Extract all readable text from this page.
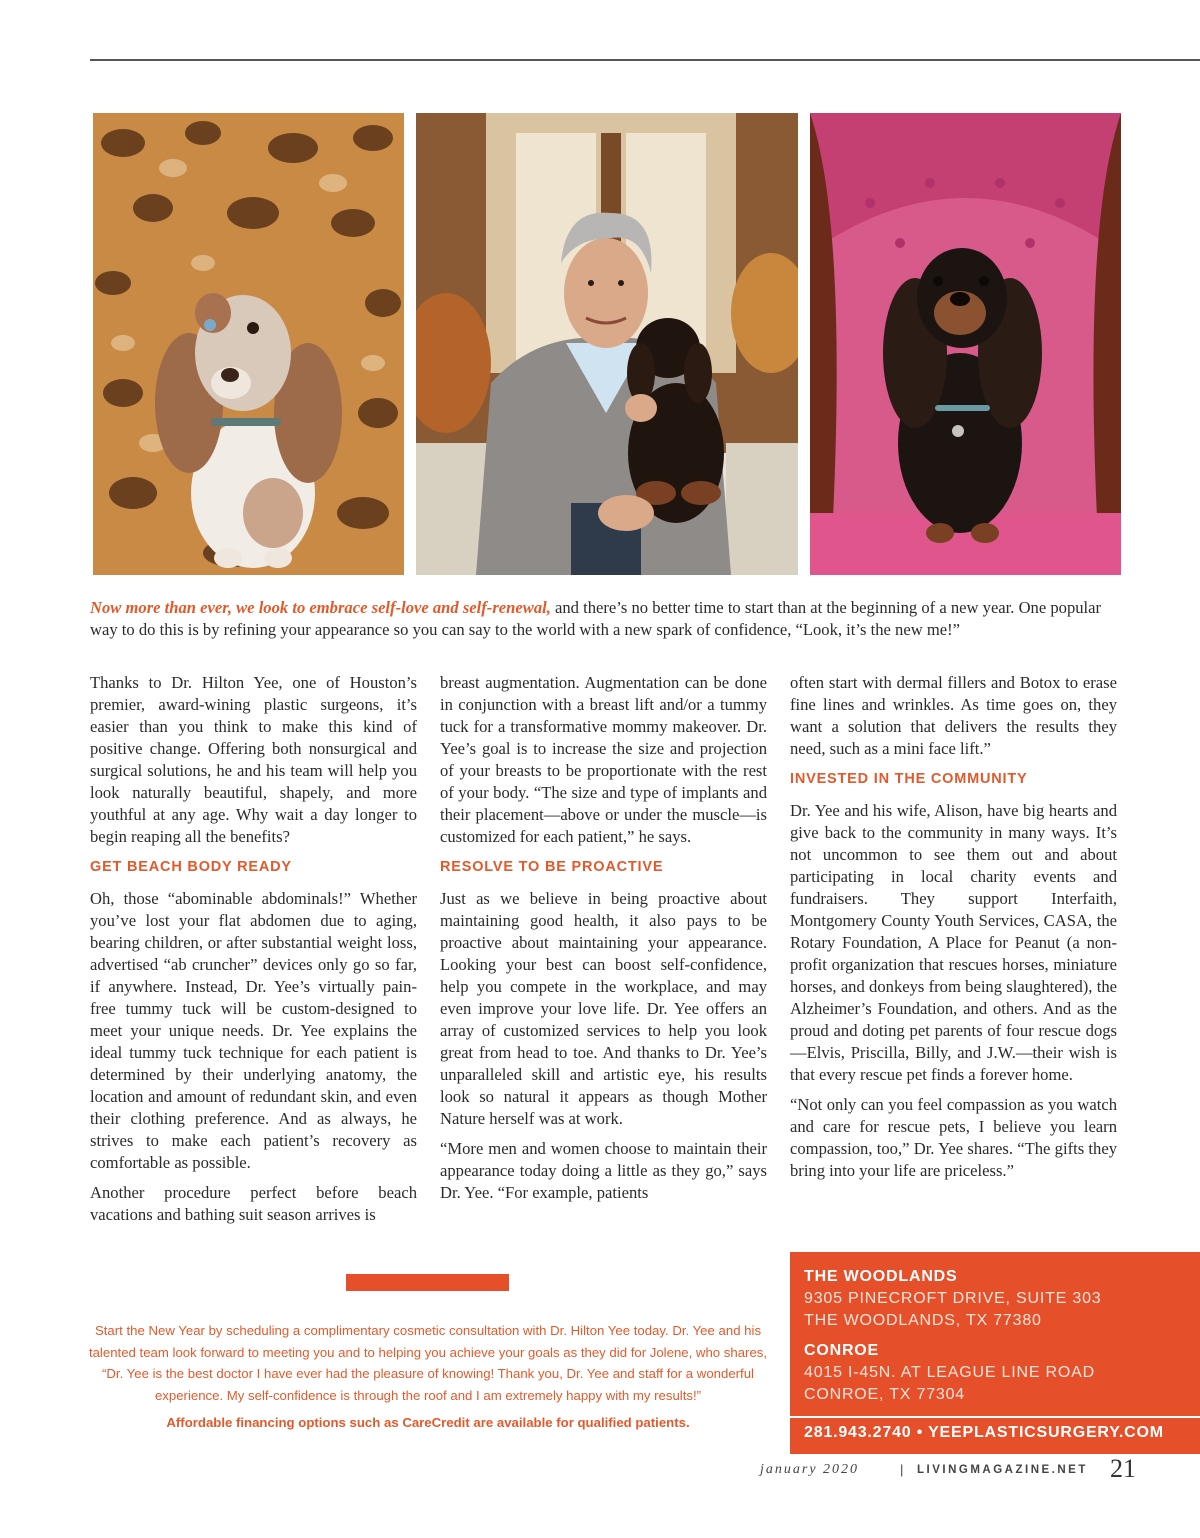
Now more than ever, we look to embrace self-love and self-renewal, and there’s no better time to start than at the beginning of a new year. One popular way to do this is by refining your appearance so you can say to the world with a new spark of confidence, “Look, it’s the new me!”

Thanks to Dr. Hilton Yee, one of Houston’s premier, award-wining plastic surgeons, it’s easier than you think to make this kind of positive change. Offering both nonsurgical and surgical solutions, he and his team will help you look naturally beautiful, shapely, and more youthful at any age. Why wait a day longer to begin reaping all the benefits?

GET BEACH BODY READY

Oh, those “abominable abdominals!” Whether you’ve lost your flat abdomen due to aging, bearing children, or after substantial weight loss, advertised “ab cruncher” devices only go so far, if anywhere. Instead, Dr. Yee’s virtually pain-free tummy tuck will be custom-designed to meet your unique needs. Dr. Yee explains the ideal tummy tuck technique for each patient is determined by their underlying anatomy, the location and amount of redundant skin, and even their clothing preference. And as always, he strives to make each patient’s recovery as comfortable as possible.

Another procedure perfect before beach vacations and bathing suit season arrives is

breast augmentation. Augmentation can be done in conjunction with a breast lift and/or a tummy tuck for a transformative mommy makeover. Dr. Yee’s goal is to increase the size and projection of your breasts to be proportionate with the rest of your body. “The size and type of implants and their placement—above or under the muscle—is customized for each patient,” he says.

RESOLVE TO BE PROACTIVE

Just as we believe in being proactive about maintaining good health, it also pays to be proactive about maintaining your appearance. Looking your best can boost self-confidence, help you compete in the workplace, and may even improve your love life. Dr. Yee offers an array of customized services to help you look great from head to toe. And thanks to Dr. Yee’s unparalleled skill and artistic eye, his results look so natural it appears as though Mother Nature herself was at work.

“More men and women choose to maintain their appearance today doing a little as they go,” says Dr. Yee. “For example, patients

often start with dermal fillers and Botox to erase fine lines and wrinkles. As time goes on, they want a solution that delivers the results they need, such as a mini face lift.”

INVESTED IN THE COMMUNITY

Dr. Yee and his wife, Alison, have big hearts and give back to the community in many ways. It’s not uncommon to see them out and about participating in local charity events and fundraisers. They support Interfaith, Montgomery County Youth Services, CASA, the Rotary Foundation, A Place for Peanut (a non-profit organization that rescues horses, miniature horses, and donkeys from being slaughtered), the Alzheimer’s Foundation, and others. And as the proud and doting pet parents of four rescue dogs—Elvis, Priscilla, Billy, and J.W.—their wish is that every rescue pet finds a forever home.

“Not only can you feel compassion as you watch and care for rescue pets, I believe you learn compassion, too,” Dr. Yee shares. “The gifts they bring into your life are priceless.”

Start the New Year by scheduling a complimentary cosmetic consultation with Dr. Hilton Yee today. Dr. Yee and his talented team look forward to meeting you and to helping you achieve your goals as they did for Jolene, who shares, “Dr. Yee is the best doctor I have ever had the pleasure of knowing! Thank you, Dr. Yee and staff for a wonderful experience. My self-confidence is through the roof and I am extremely happy with my results!”
Affordable financing options such as CareCredit are available for qualified patients.
THE WOODLANDS
9305 PINECROFT DRIVE, SUITE 303
THE WOODLANDS, TX 77380
CONROE
4015 I-45N. AT LEAGUE LINE ROAD
CONROE, TX 77304
281.943.2740 • YEEPLASTICSURGERY.COM
january 2020	| LIVINGMAGAZINE.NET 21
